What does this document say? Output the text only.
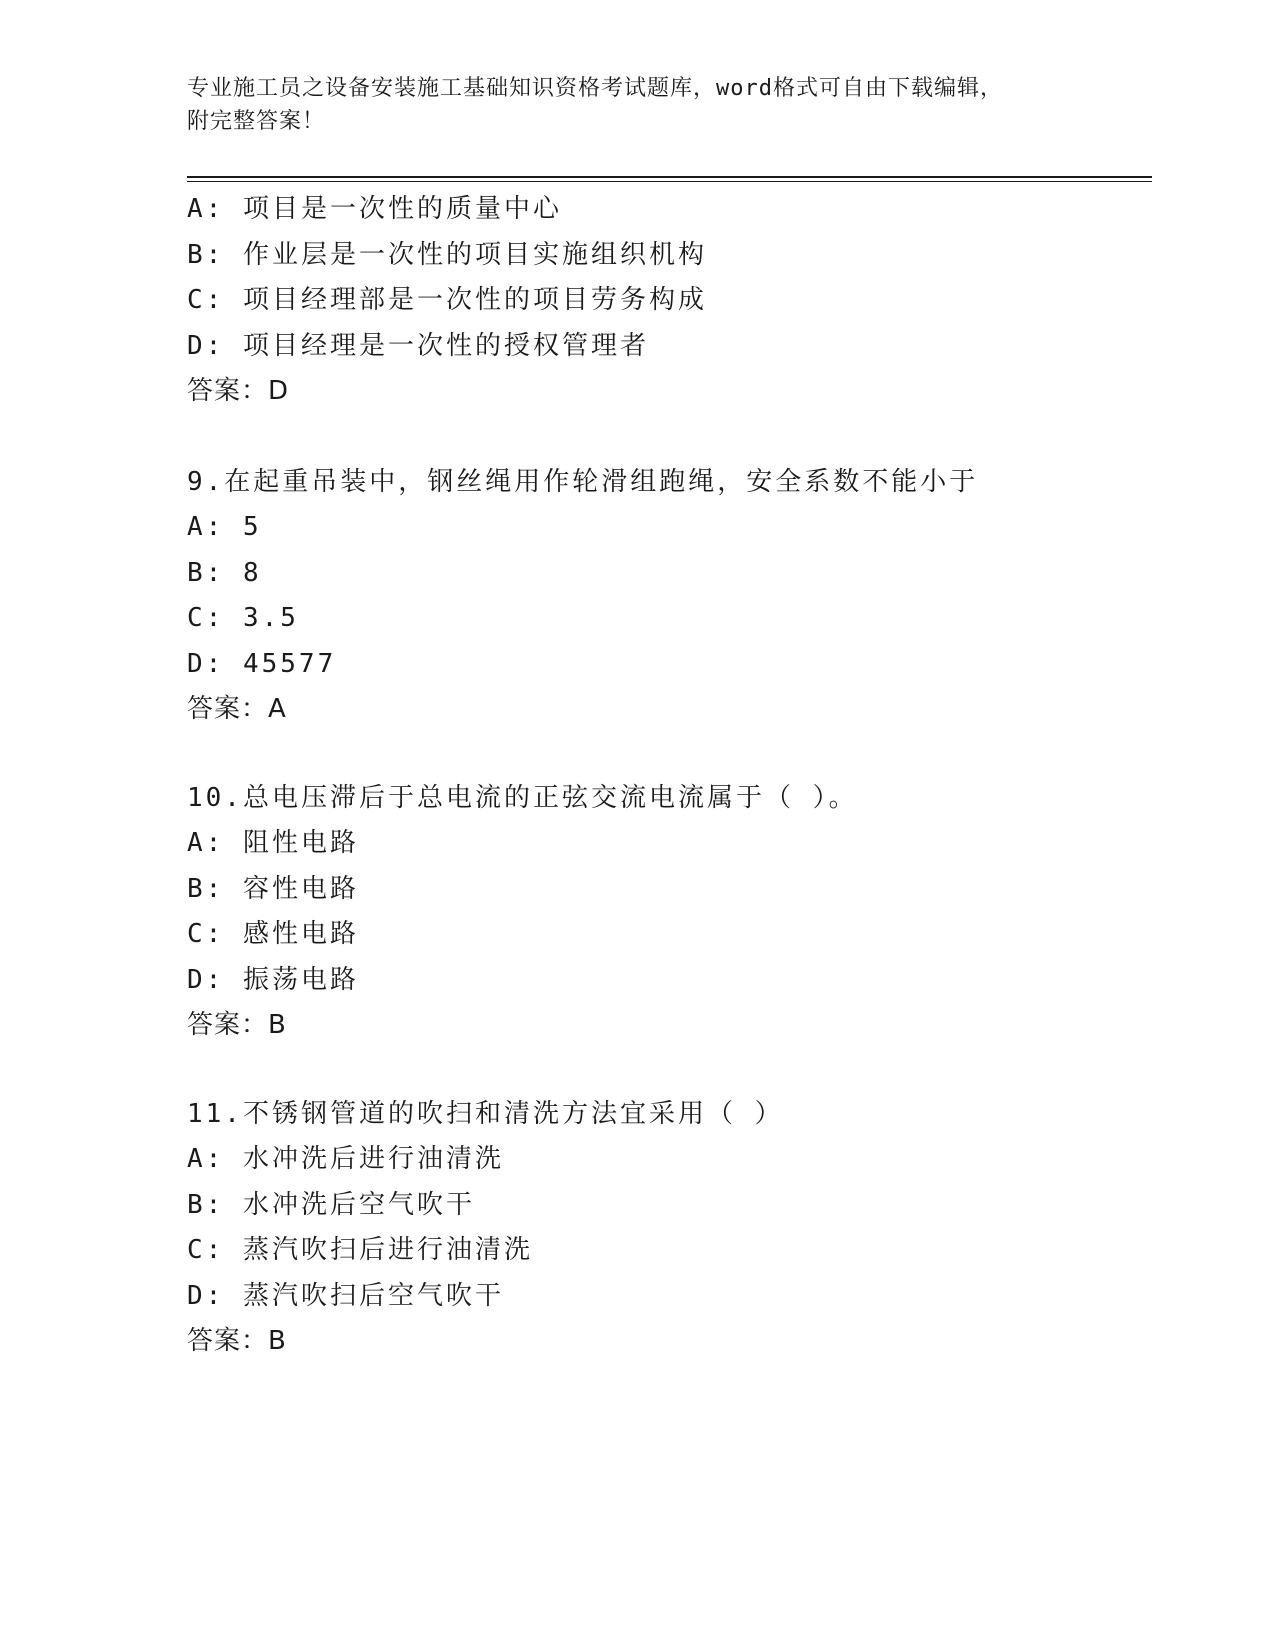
专业施工员之设备安装施工基础知识资格考试题库，word格式可自由下载编辑，
附完整答案！
A: 项目是一次性的质量中心
B: 作业层是一次性的项目实施组织机构
C: 项目经理部是一次性的项目劳务构成
D: 项目经理是一次性的授权管理者
答案：D
9.在起重吊装中，钢丝绳用作轮滑组跑绳，安全系数不能小于
A: 5
B: 8
C: 3.5
D: 45577
答案：A
10.总电压滞后于总电流的正弦交流电流属于（ ）。
A: 阻性电路
B: 容性电路
C: 感性电路
D: 振荡电路
答案：B
11.不锈钢管道的吹扫和清洗方法宜采用（ ）
A: 水冲洗后进行油清洗
B: 水冲洗后空气吹干
C: 蒸汽吹扫后进行油清洗
D: 蒸汽吹扫后空气吹干
答案：B
